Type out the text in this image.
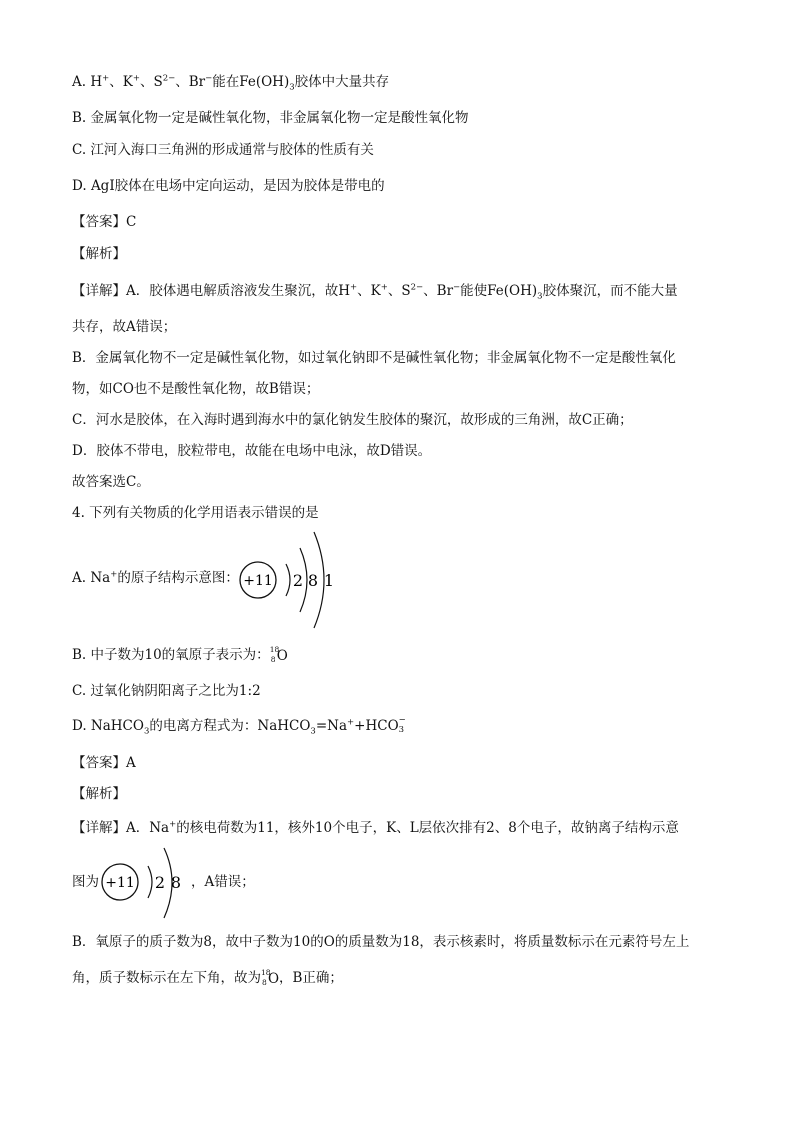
A. H+、K+、$S^{2-}$、Br−能在$Fe(OH)_3$胶体中大量共存
B. 金属氧化物一定是碱性氧化物，非金属氧化物一定是酸性氧化物
C. 江河入海口三角洲的形成通常与胶体的性质有关
D. AgI胶体在电场中定向运动，是因为胶体是带电的
【答案】C
【解析】
【详解】A．胶体遇电解质溶液发生聚沉，故H+、K+、$S^{2-}$、Br−能使$Fe(OH)_3$胶体聚沉，而不能大量
共存，故A错误；
B．金属氧化物不一定是碱性氧化物，如过氧化钠即不是碱性氧化物；非金属氧化物不一定是酸性氧化
物，如CO也不是酸性氧化物，故B错误；
C．河水是胶体，在入海时遇到海水中的氯化钠发生胶体的聚沉，故形成的三角洲，故C正确；
D．胶体不带电，胶粒带电，故能在电场中电泳，故D错误。
故答案选C。
4. 下列有关物质的化学用语表示错误的是
A. Na+的原子结构示意图： +11 2 8 1
B. 中子数为10的氧原子表示为： 18
8 O
C. 过氧化钠阴阳离子之比为1:2
D. NaHCO$_3$的电离方程式为：NaHCO$_3$=Na++HCO −
3
【答案】A
【解析】
【详解】A．Na+的核电荷数为11，核外10个电子，K、L层依次排有2、8个电子，故钠离子结构示意
图为	，A错误；
+11 2 8
B．氧原子的质子数为8，故中子数为10的O的质量数为18，表示核素时，将质量数标示在元素符号左上
角，质子数标示在左下角，故为 18
8 O ，B正确；
